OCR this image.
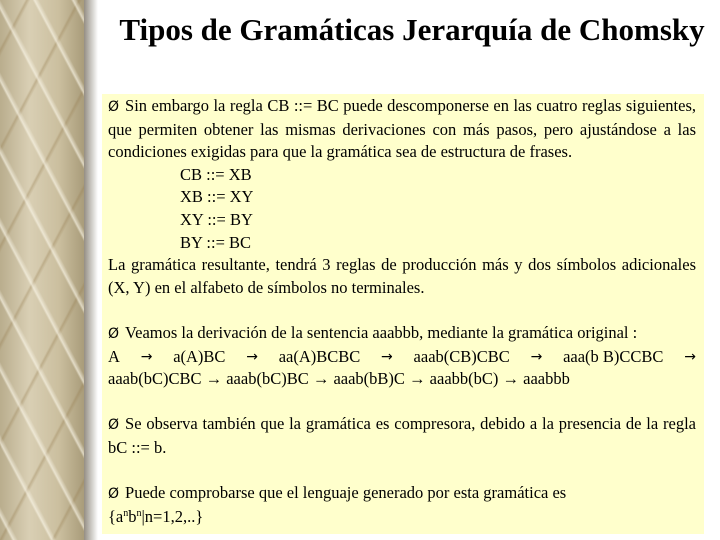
Tipos de Gramáticas Jerarquía de Chomsky

Ø Sin embargo la regla CB ::= BC puede descomponerse en las cuatro reglas siguientes, que permiten obtener las mismas derivaciones con más pasos, pero ajustándose a las condiciones exigidas para que la gramática sea de estructura de frases.

CB ::= XB

XB ::= XY

XY ::= BY

BY ::= BC

La gramática resultante, tendrá 3 reglas de producción más y dos símbolos adicionales (X, Y) en el alfabeto de símbolos no terminales.

Ø Veamos la derivación de la sentencia aaabbb, mediante la gramática original :

A → a(A)BC → aa(A)BCBC → aaab(CB)CBC → aaa(b B)CCBC →

aaab(bC)CBC → aaab(bC)BC → aaab(bB)C → aaabb(bC) → aaabbb

Ø Se observa también que la gramática es compresora, debido a la presencia de la regla bC ::= b.

Ø Puede comprobarse que el lenguaje generado por esta gramática es

$\{a^nb^n|n=1,2,..\}$
